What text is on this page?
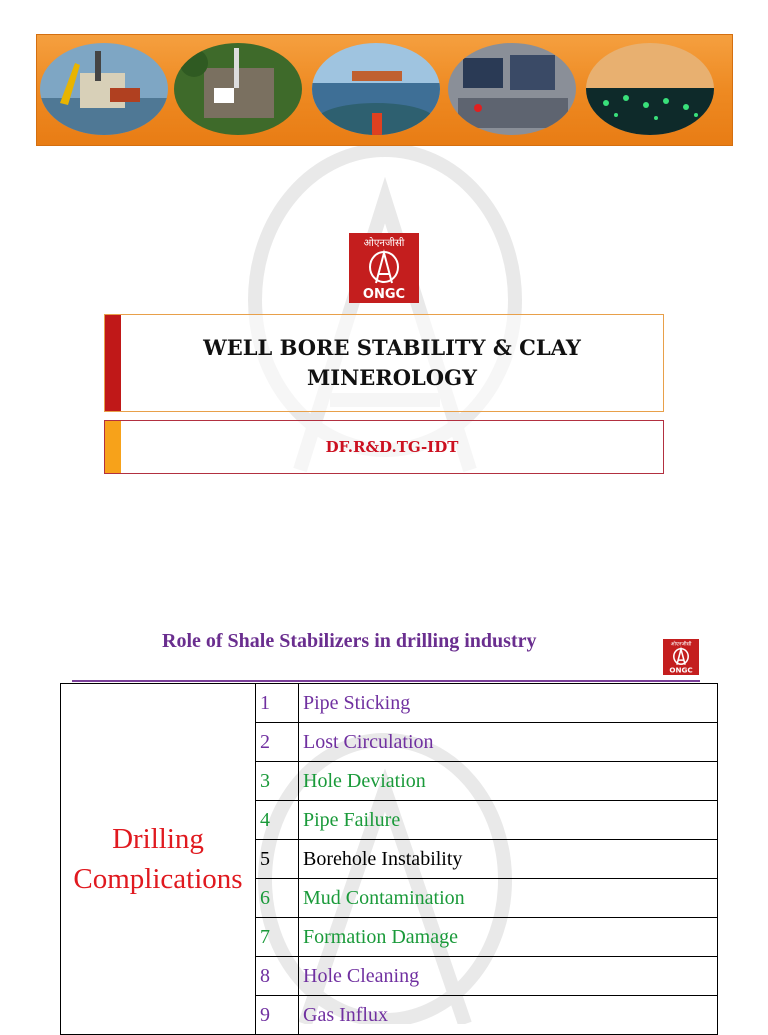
ओएनजीसी
ONGC
WELL BORE STABILITY & CLAY MINEROLOGY
DF.R&D.TG-IDT
Role of Shale Stabilizers in drilling industry	ओएनजीसी
ONGC
Drilling
Complications	1	Pipe Sticking
	2	Lost Circulation
	3	Hole Deviation
	4	Pipe Failure
	5	Borehole Instability
	6	Mud Contamination
	7	Formation Damage
	8	Hole Cleaning
	9	Gas Influx
